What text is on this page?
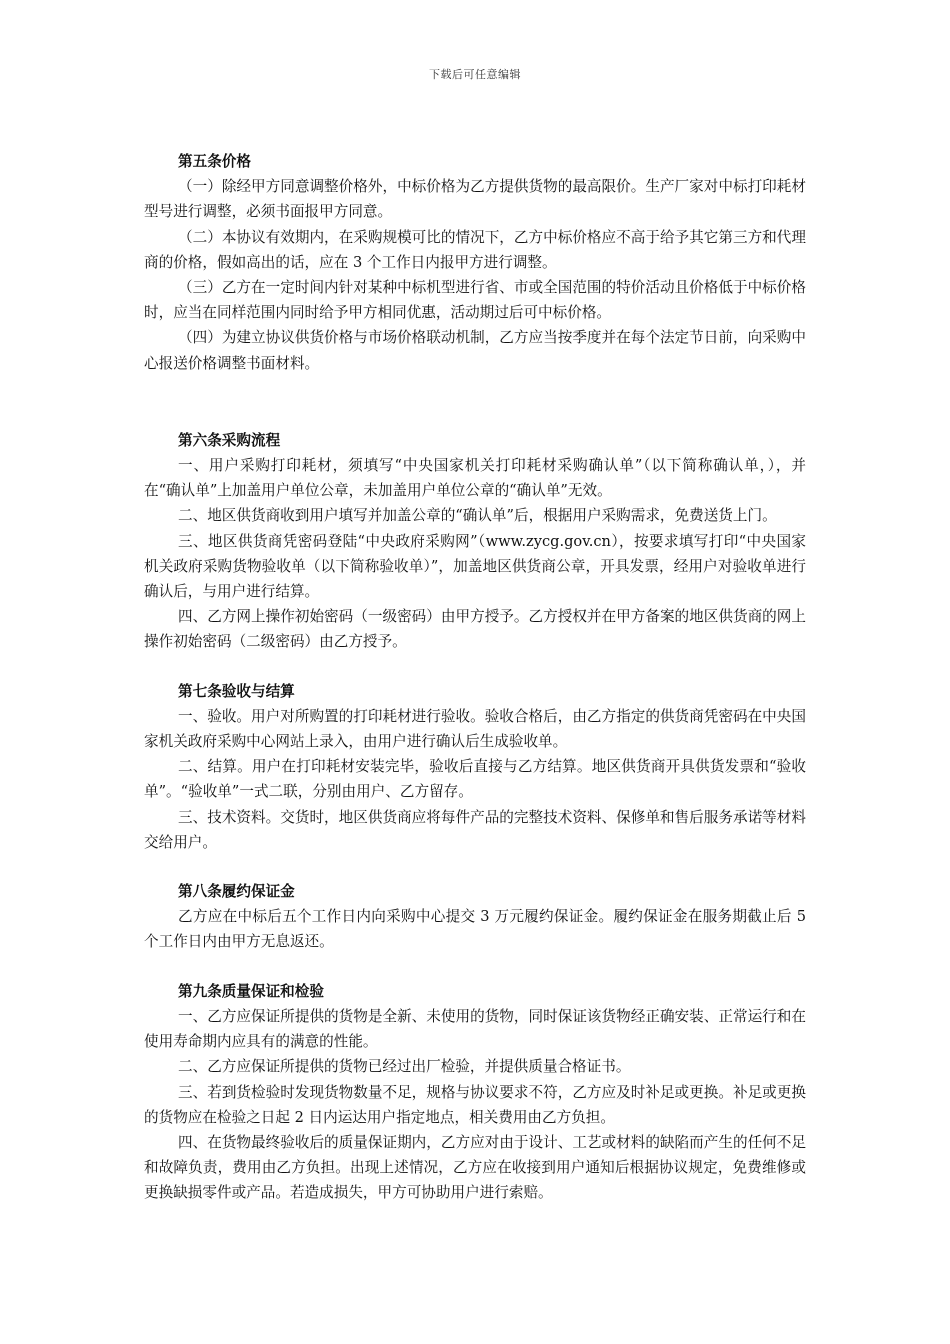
下载后可任意编辑

第五条价格

（一）除经甲方同意调整价格外，中标价格为乙方提供货物的最高限价。生产厂家对中标打印耗材型号进行调整，必须书面报甲方同意。

（二）本协议有效期内，在采购规模可比的情况下，乙方中标价格应不高于给予其它第三方和代理商的价格，假如高出的话，应在 3 个工作日内报甲方进行调整。

（三）乙方在一定时间内针对某种中标机型进行省、市或全国范围的特价活动且价格低于中标价格时，应当在同样范围内同时给予甲方相同优惠，活动期过后可中标价格。

（四）为建立协议供货价格与市场价格联动机制，乙方应当按季度并在每个法定节日前，向采购中心报送价格调整书面材料。

第六条采购流程

一、用户采购打印耗材，须填写“中央国家机关打印耗材采购确认单”（以下简称确认单，），并在“确认单”上加盖用户单位公章，未加盖用户单位公章的“确认单”无效。

二、地区供货商收到用户填写并加盖公章的“确认单”后，根据用户采购需求，免费送货上门。

三、地区供货商凭密码登陆“中央政府采购网”（www.zycg.gov.cn），按要求填写打印“中央国家机关政府采购货物验收单（以下简称验收单）”，加盖地区供货商公章，开具发票，经用户对验收单进行确认后，与用户进行结算。

四、乙方网上操作初始密码（一级密码）由甲方授予。乙方授权并在甲方备案的地区供货商的网上操作初始密码（二级密码）由乙方授予。

第七条验收与结算

一、验收。用户对所购置的打印耗材进行验收。验收合格后，由乙方指定的供货商凭密码在中央国家机关政府采购中心网站上录入，由用户进行确认后生成验收单。

二、结算。用户在打印耗材安装完毕，验收后直接与乙方结算。地区供货商开具供货发票和“验收单”。“验收单”一式二联，分别由用户、乙方留存。

三、技术资料。交货时，地区供货商应将每件产品的完整技术资料、保修单和售后服务承诺等材料交给用户。

第八条履约保证金

乙方应在中标后五个工作日内向采购中心提交 3 万元履约保证金。履约保证金在服务期截止后 5 个工作日内由甲方无息返还。

第九条质量保证和检验

一、乙方应保证所提供的货物是全新、未使用的货物，同时保证该货物经正确安装、正常运行和在使用寿命期内应具有的满意的性能。

二、乙方应保证所提供的货物已经过出厂检验，并提供质量合格证书。

三、若到货检验时发现货物数量不足，规格与协议要求不符，乙方应及时补足或更换。补足或更换的货物应在检验之日起 2 日内运达用户指定地点，相关费用由乙方负担。

四、在货物最终验收后的质量保证期内，乙方应对由于设计、工艺或材料的缺陷而产生的任何不足和故障负责，费用由乙方负担。出现上述情况，乙方应在收接到用户通知后根据协议规定，免费维修或更换缺损零件或产品。若造成损失，甲方可协助用户进行索赔。
